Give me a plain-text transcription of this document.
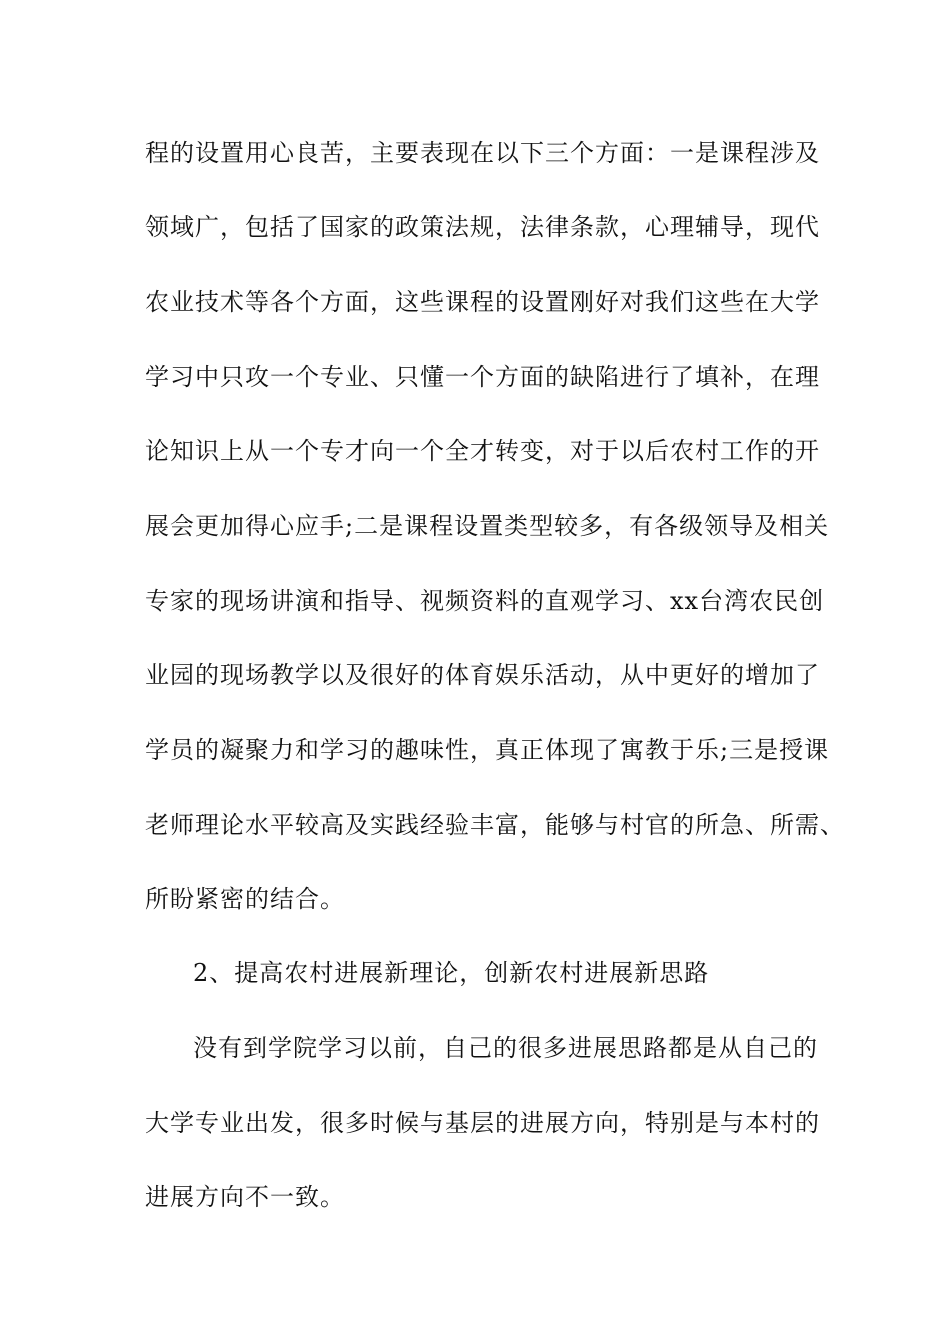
程的设置用心良苦，主要表现在以下三个方面：一是课程涉及
领域广，包括了国家的政策法规，法律条款，心理辅导，现代
农业技术等各个方面，这些课程的设置刚好对我们这些在大学
学习中只攻一个专业、只懂一个方面的缺陷进行了填补，在理
论知识上从一个专才向一个全才转变，对于以后农村工作的开
展会更加得心应手;二是课程设置类型较多，有各级领导及相关
专家的现场讲演和指导、视频资料的直观学习、xx台湾农民创
业园的现场教学以及很好的体育娱乐活动，从中更好的增加了
学员的凝聚力和学习的趣味性，真正体现了寓教于乐;三是授课
老师理论水平较高及实践经验丰富，能够与村官的所急、所需、
所盼紧密的结合。
2、提高农村进展新理论，创新农村进展新思路
没有到学院学习以前，自己的很多进展思路都是从自己的
大学专业出发，很多时候与基层的进展方向，特别是与本村的
进展方向不一致。
